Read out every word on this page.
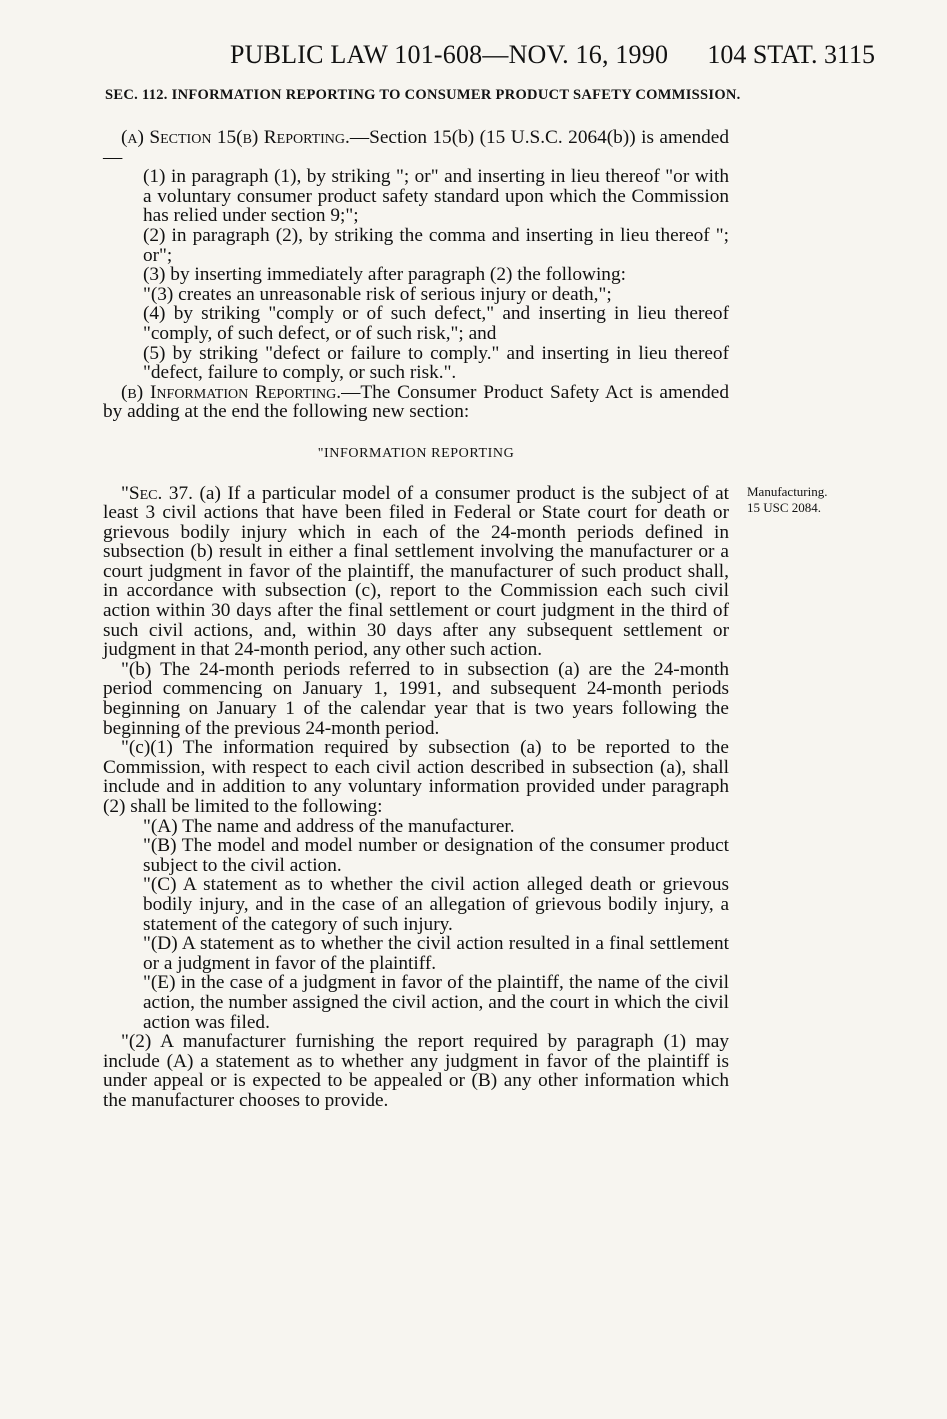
PUBLIC LAW 101-608—NOV. 16, 1990 104 STAT. 3115
SEC. 112. INFORMATION REPORTING TO CONSUMER PRODUCT SAFETY COMMISSION.
Manufacturing.
15 USC 2084.

(a) Section 15(b) Reporting.—Section 15(b) (15 U.S.C. 2064(b)) is amended—

(1) in paragraph (1), by striking "; or" and inserting in lieu thereof "or with a voluntary consumer product safety standard upon which the Commission has relied under section 9;";

(2) in paragraph (2), by striking the comma and inserting in lieu thereof "; or";

(3) by inserting immediately after paragraph (2) the following:

"(3) creates an unreasonable risk of serious injury or death,";

(4) by striking "comply or of such defect," and inserting in lieu thereof "comply, of such defect, or of such risk,"; and

(5) by striking "defect or failure to comply." and inserting in lieu thereof "defect, failure to comply, or such risk.".

(b) Information Reporting.—The Consumer Product Safety Act is amended by adding at the end the following new section:

"INFORMATION REPORTING

"Sec. 37. (a) If a particular model of a consumer product is the subject of at least 3 civil actions that have been filed in Federal or State court for death or grievous bodily injury which in each of the 24-month periods defined in subsection (b) result in either a final settlement involving the manufacturer or a court judgment in favor of the plaintiff, the manufacturer of such product shall, in accordance with subsection (c), report to the Commission each such civil action within 30 days after the final settlement or court judgment in the third of such civil actions, and, within 30 days after any subsequent settlement or judgment in that 24-month period, any other such action.

"(b) The 24-month periods referred to in subsection (a) are the 24-month period commencing on January 1, 1991, and subsequent 24-month periods beginning on January 1 of the calendar year that is two years following the beginning of the previous 24-month period.

"(c)(1) The information required by subsection (a) to be reported to the Commission, with respect to each civil action described in subsection (a), shall include and in addition to any voluntary information provided under paragraph (2) shall be limited to the following:

"(A) The name and address of the manufacturer.

"(B) The model and model number or designation of the consumer product subject to the civil action.

"(C) A statement as to whether the civil action alleged death or grievous bodily injury, and in the case of an allegation of grievous bodily injury, a statement of the category of such injury.

"(D) A statement as to whether the civil action resulted in a final settlement or a judgment in favor of the plaintiff.

"(E) in the case of a judgment in favor of the plaintiff, the name of the civil action, the number assigned the civil action, and the court in which the civil action was filed.

"(2) A manufacturer furnishing the report required by paragraph (1) may include (A) a statement as to whether any judgment in favor of the plaintiff is under appeal or is expected to be appealed or (B) any other information which the manufacturer chooses to provide.
